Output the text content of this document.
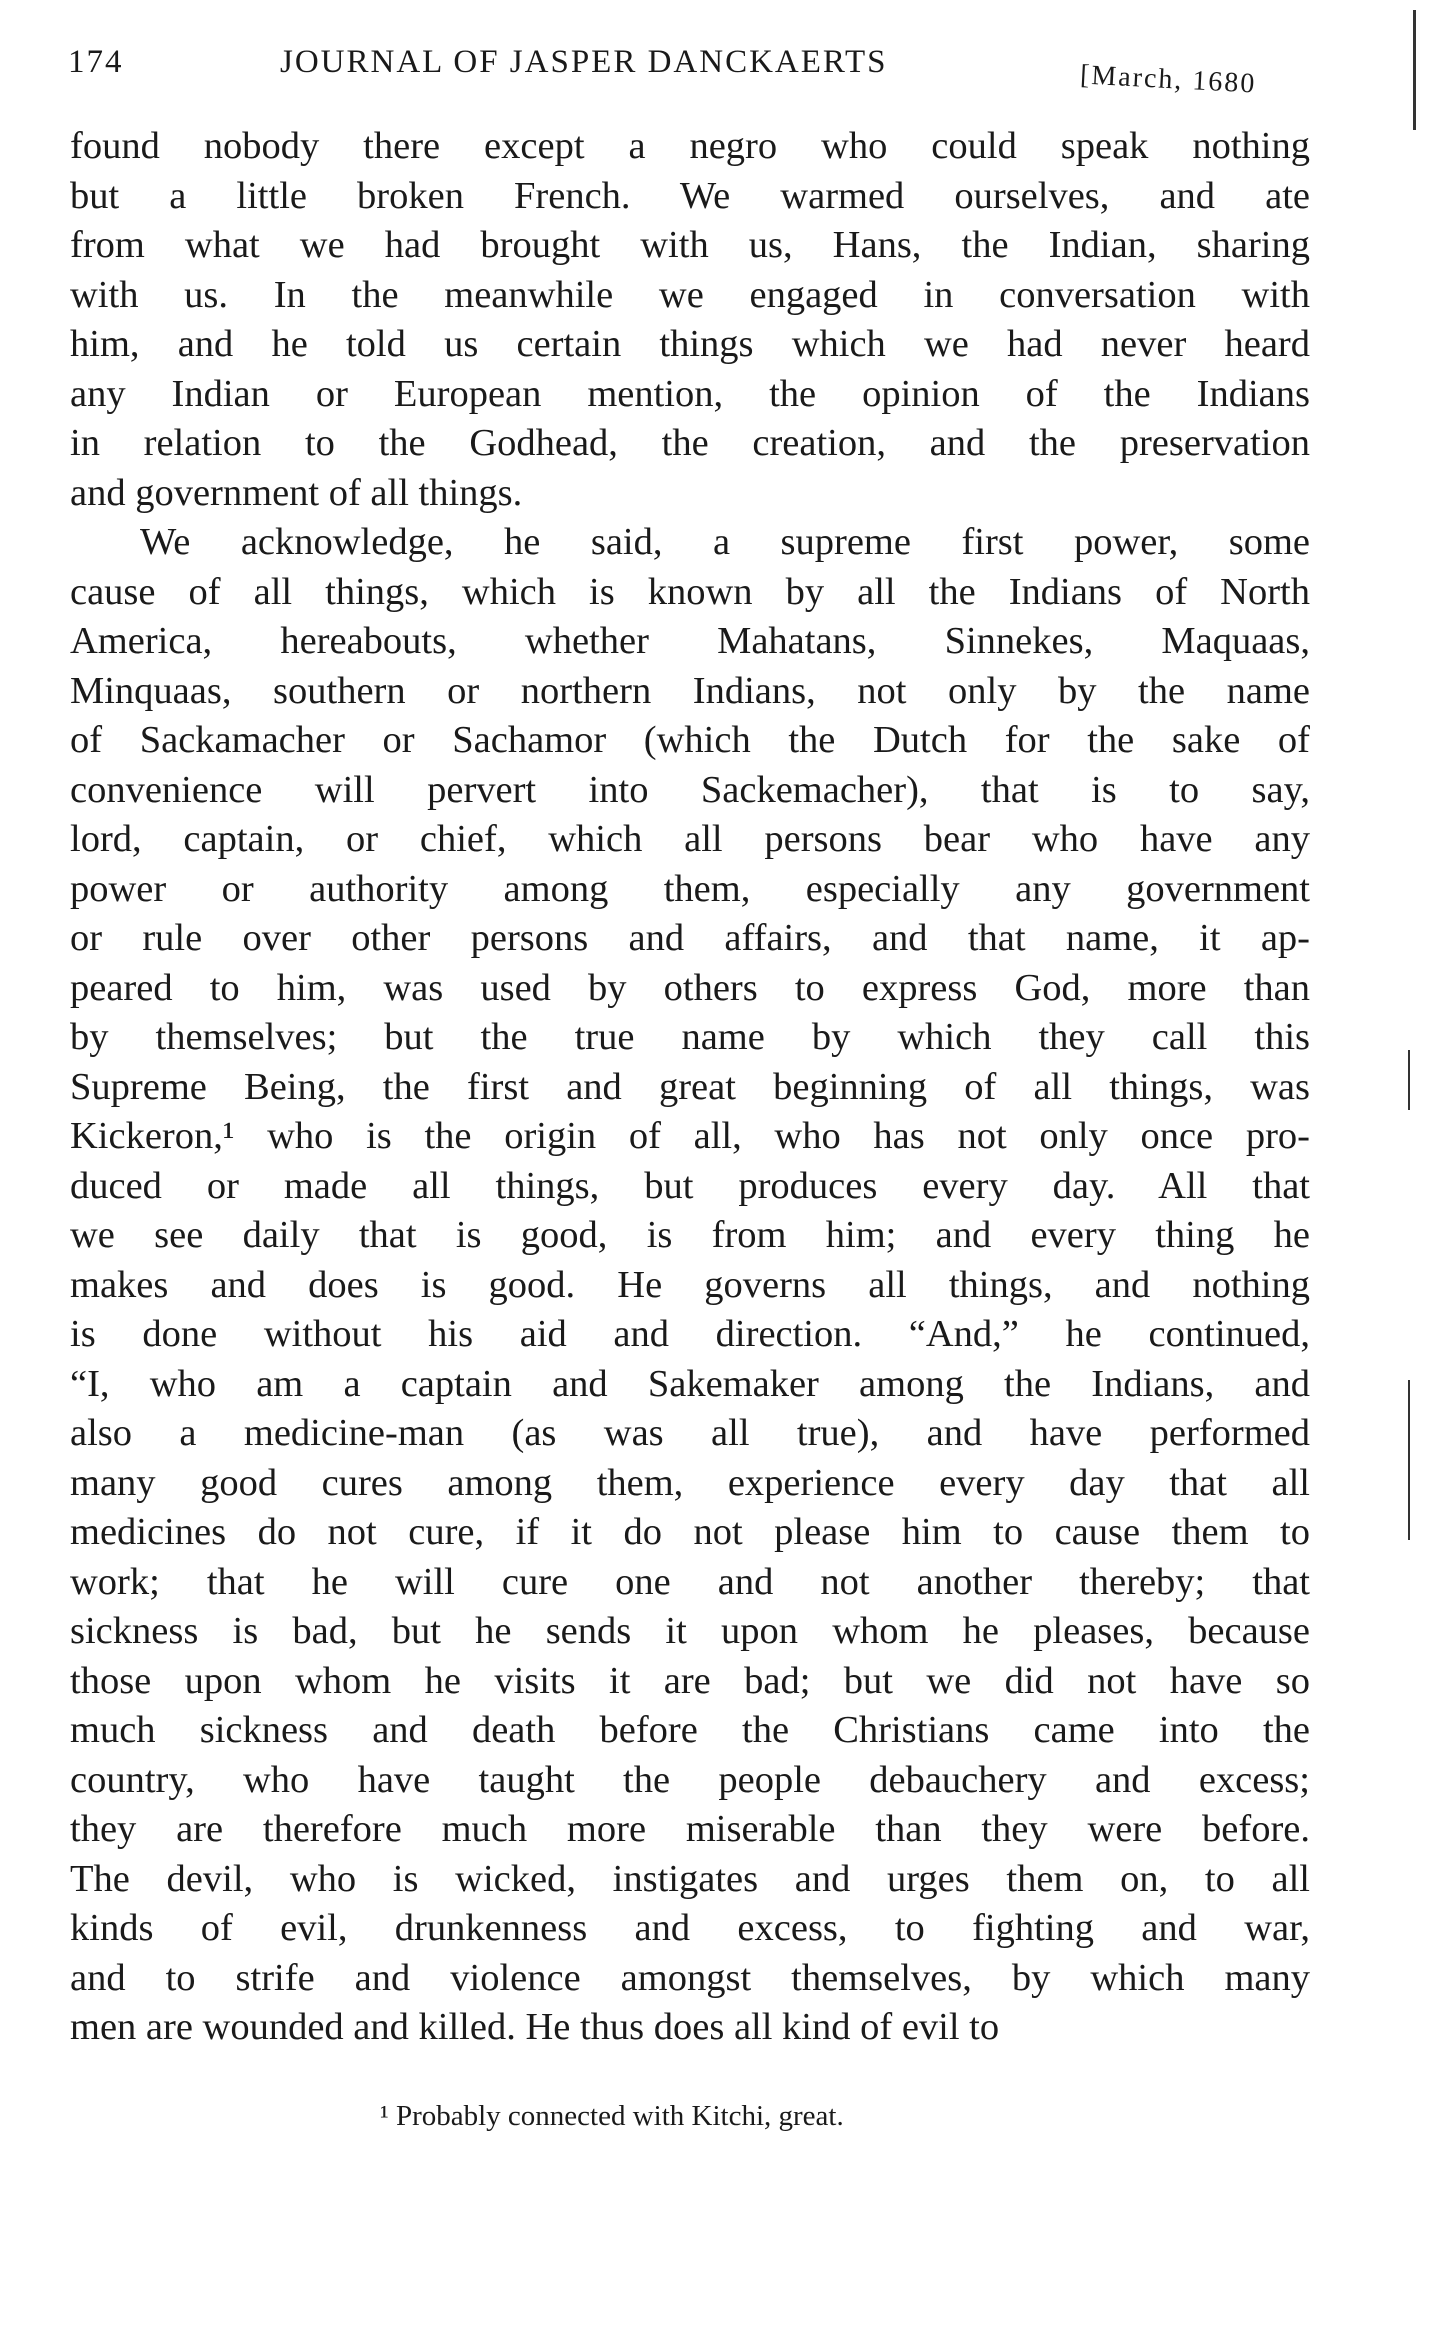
174	JOURNAL OF JASPER DANCKAERTS	[March, 1680
found nobody there except a negro who could speak nothing
but a little broken French. We warmed ourselves, and ate
from what we had brought with us, Hans, the Indian, sharing
with us. In the meanwhile we engaged in conversation with
him, and he told us certain things which we had never heard
any Indian or European mention, the opinion of the Indians
in relation to the Godhead, the creation, and the preservation
and government of all things.
We acknowledge, he said, a supreme first power, some
cause of all things, which is known by all the Indians of North
America, hereabouts, whether Mahatans, Sinnekes, Maquaas,
Minquaas, southern or northern Indians, not only by the name
of Sackamacher or Sachamor (which the Dutch for the sake of
convenience will pervert into Sackemacher), that is to say,
lord, captain, or chief, which all persons bear who have any
power or authority among them, especially any government
or rule over other persons and affairs, and that name, it ap-
peared to him, was used by others to express God, more than
by themselves; but the true name by which they call this
Supreme Being, the first and great beginning of all things, was
Kickeron,¹ who is the origin of all, who has not only once pro-
duced or made all things, but produces every day. All that
we see daily that is good, is from him; and every thing he
makes and does is good. He governs all things, and nothing
is done without his aid and direction. “And,” he continued,
“I, who am a captain and Sakemaker among the Indians, and
also a medicine-man (as was all true), and have performed
many good cures among them, experience every day that all
medicines do not cure, if it do not please him to cause them to
work; that he will cure one and not another thereby; that
sickness is bad, but he sends it upon whom he pleases, because
those upon whom he visits it are bad; but we did not have so
much sickness and death before the Christians came into the
country, who have taught the people debauchery and excess;
they are therefore much more miserable than they were before.
The devil, who is wicked, instigates and urges them on, to all
kinds of evil, drunkenness and excess, to fighting and war,
and to strife and violence amongst themselves, by which many
men are wounded and killed. He thus does all kind of evil to
¹ Probably connected with Kitchi, great.
